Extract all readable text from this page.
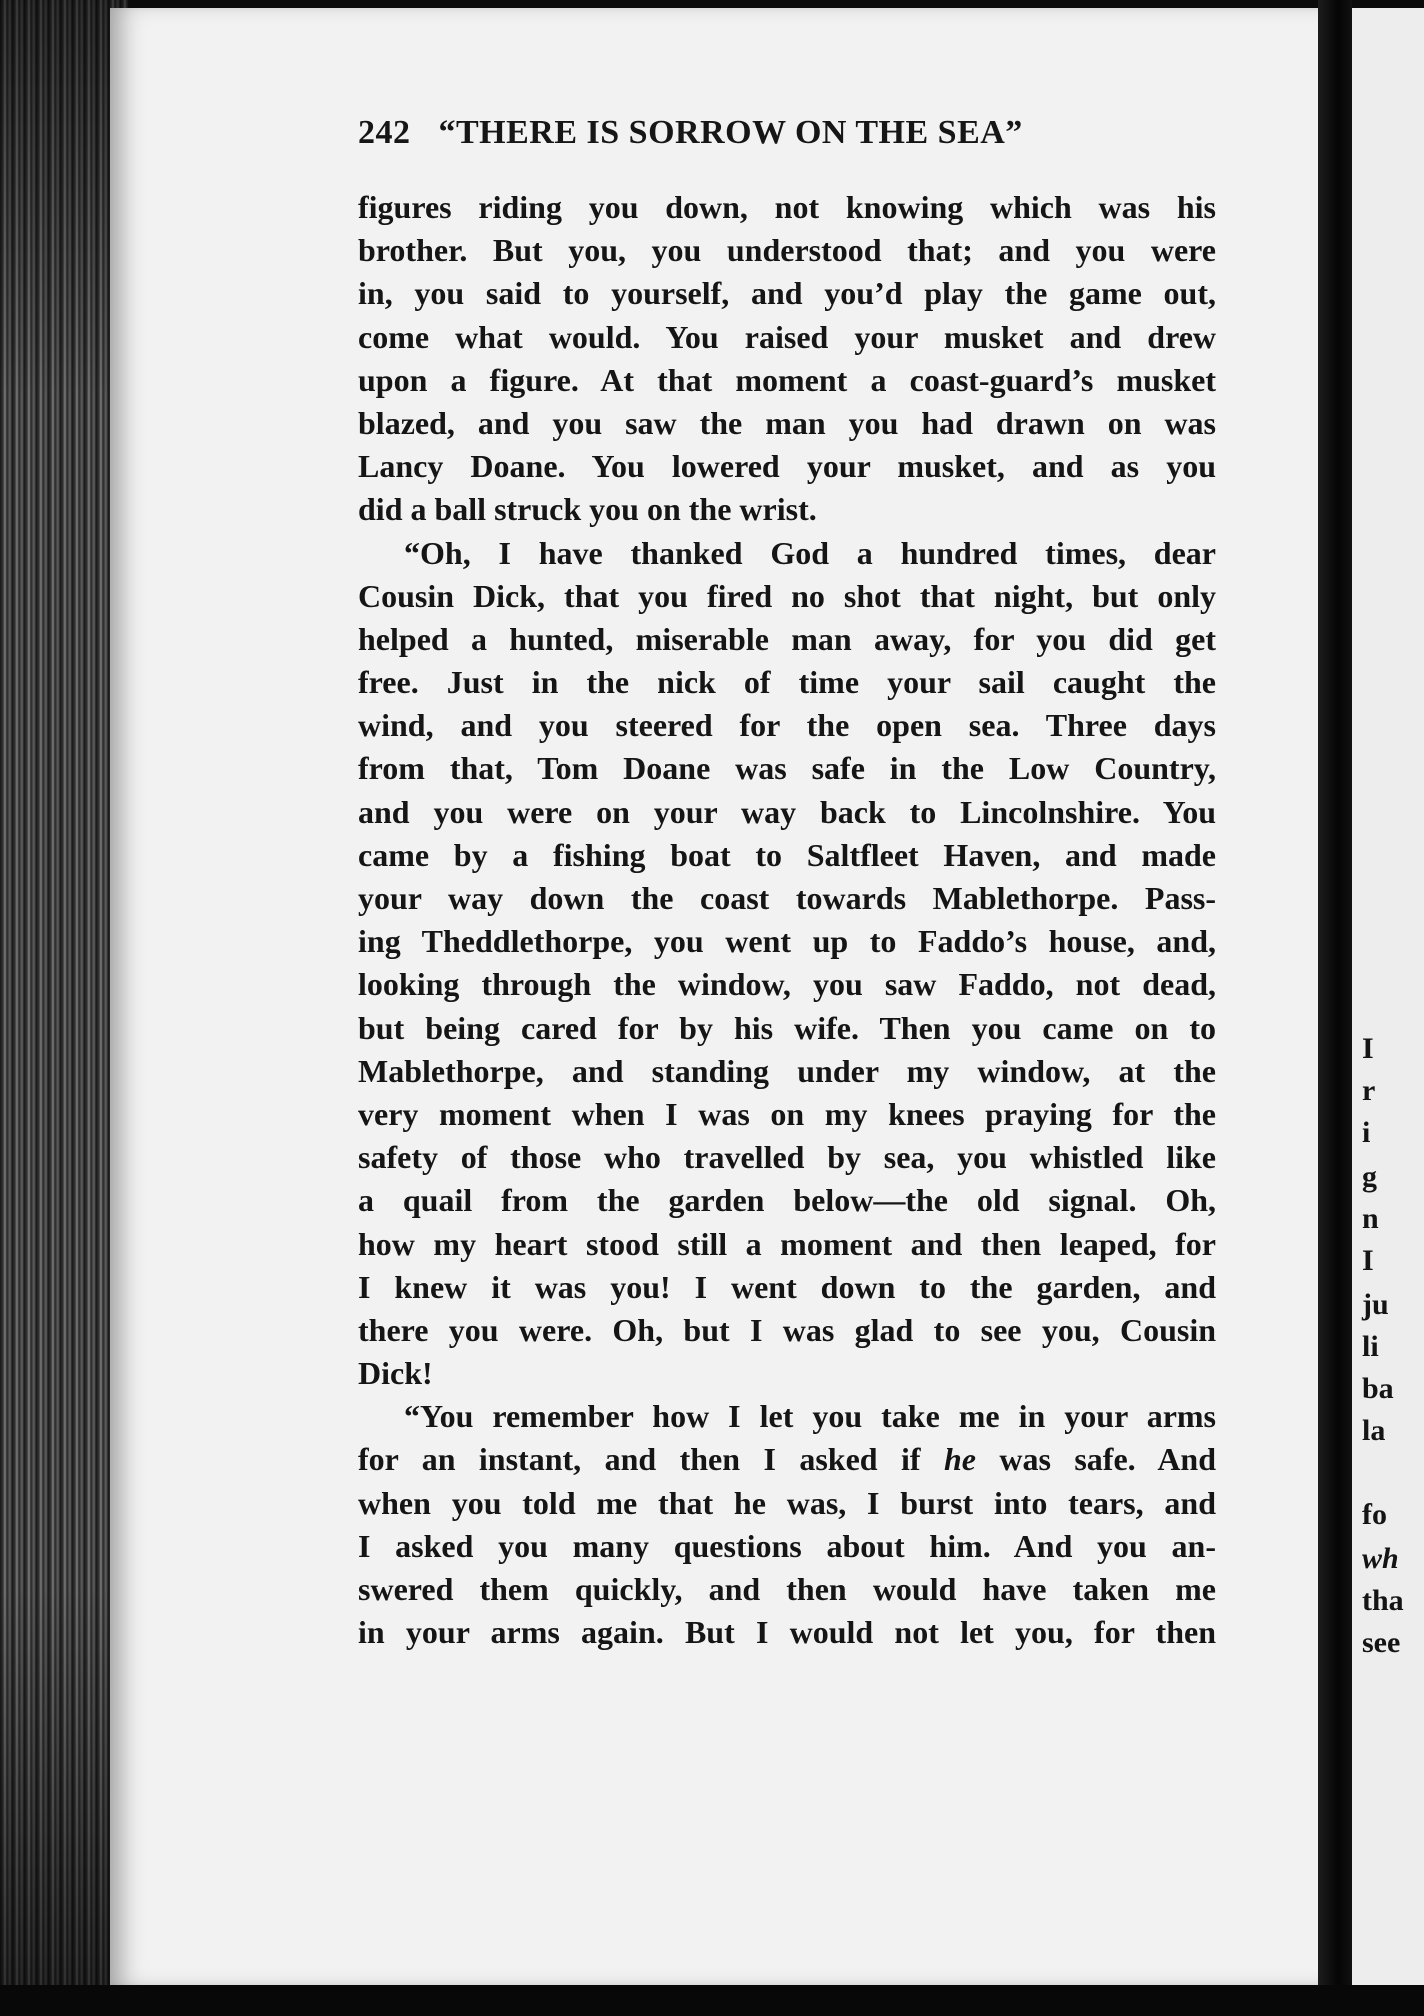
I
r
i
g
n
I
ju
li
ba
la
fo
wh
tha
see
242 “THERE IS SORROW ON THE SEA”
figures riding you down, not knowing which was his
brother. But you, you understood that; and you were
in, you said to yourself, and you’d play the game out,
come what would. You raised your musket and drew
upon a figure. At that moment a coast-guard’s musket
blazed, and you saw the man you had drawn on was
Lancy Doane. You lowered your musket, and as you
did a ball struck you on the wrist.
“Oh, I have thanked God a hundred times, dear
Cousin Dick, that you fired no shot that night, but only
helped a hunted, miserable man away, for you did get
free. Just in the nick of time your sail caught the
wind, and you steered for the open sea. Three days
from that, Tom Doane was safe in the Low Country,
and you were on your way back to Lincolnshire. You
came by a fishing boat to Saltfleet Haven, and made
your way down the coast towards Mablethorpe. Pass-
ing Theddlethorpe, you went up to Faddo’s house, and,
looking through the window, you saw Faddo, not dead,
but being cared for by his wife. Then you came on to
Mablethorpe, and standing under my window, at the
very moment when I was on my knees praying for the
safety of those who travelled by sea, you whistled like
a quail from the garden below—the old signal. Oh,
how my heart stood still a moment and then leaped, for
I knew it was you! I went down to the garden, and
there you were. Oh, but I was glad to see you, Cousin
Dick!
“You remember how I let you take me in your arms
for an instant, and then I asked if he was safe. And
when you told me that he was, I burst into tears, and
I asked you many questions about him. And you an-
swered them quickly, and then would have taken me
in your arms again. But I would not let you, for then
